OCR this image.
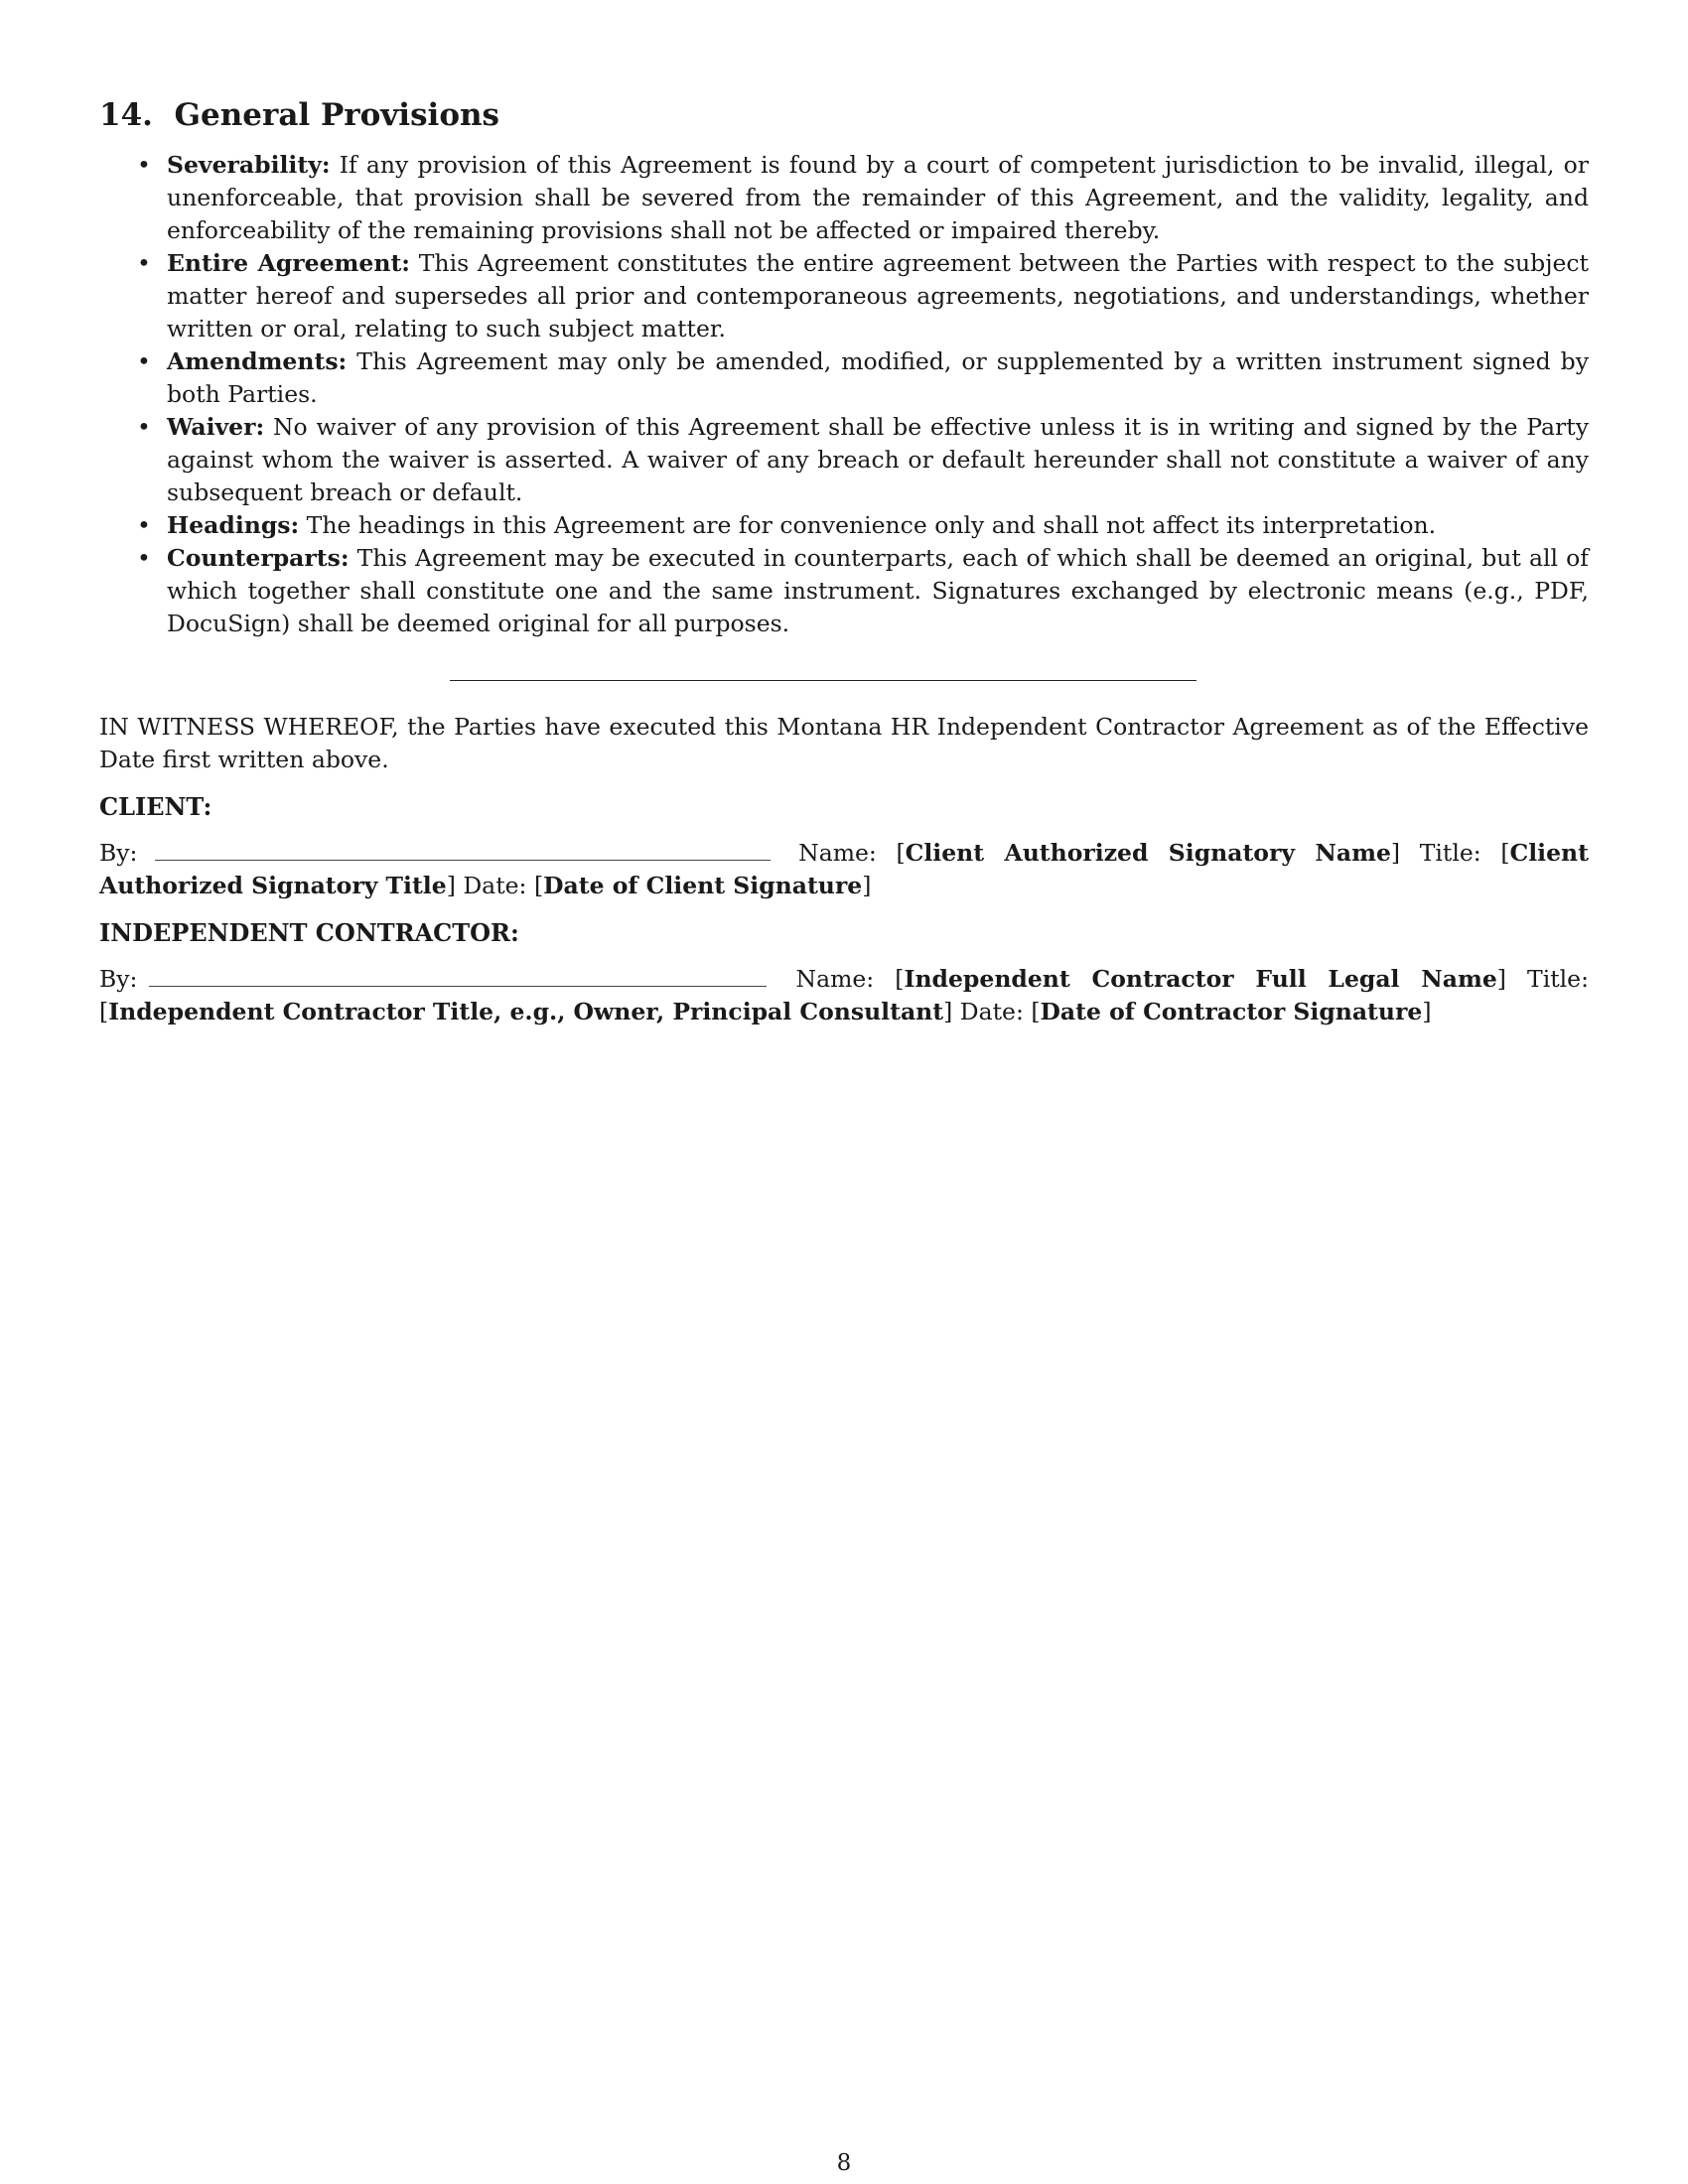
14. General Provisions
• Severability: If any provision of this Agreement is found by a court of competent jurisdiction to be invalid, illegal, or unenforceable, that provision shall be severed from the remainder of this Agreement, and the validity, legality, and enforceability of the remaining provisions shall not be affected or impaired thereby.
• Entire Agreement: This Agreement constitutes the entire agreement between the Parties with respect to the subject matter hereof and supersedes all prior and contemporaneous agreements, negotiations, and understandings, whether written or oral, relating to such subject matter.
• Amendments: This Agreement may only be amended, modified, or supplemented by a written instrument signed by both Parties.
• Waiver: No waiver of any provision of this Agreement shall be effective unless it is in writing and signed by the Party against whom the waiver is asserted. A waiver of any breach or default hereunder shall not constitute a waiver of any subsequent breach or default.
• Headings: The headings in this Agreement are for convenience only and shall not affect its interpretation.
• Counterparts: This Agreement may be executed in counterparts, each of which shall be deemed an original, but all of which together shall constitute one and the same instrument. Signatures exchanged by electronic means (e.g., PDF, DocuSign) shall be deemed original for all purposes.

IN WITNESS WHEREOF, the Parties have executed this Montana HR Independent Contractor Agreement as of the Effective Date first written above.

CLIENT:

By:	Name: [Client Authorized Signatory Name] Title: [Client Authorized Signatory Title] Date: [Date of Client Signature]

INDEPENDENT CONTRACTOR:

By:	Name: [Independent Contractor Full Legal Name] Title: [Independent Contractor Title, e.g., Owner, Principal Consultant] Date: [Date of Contractor Signature]

8
